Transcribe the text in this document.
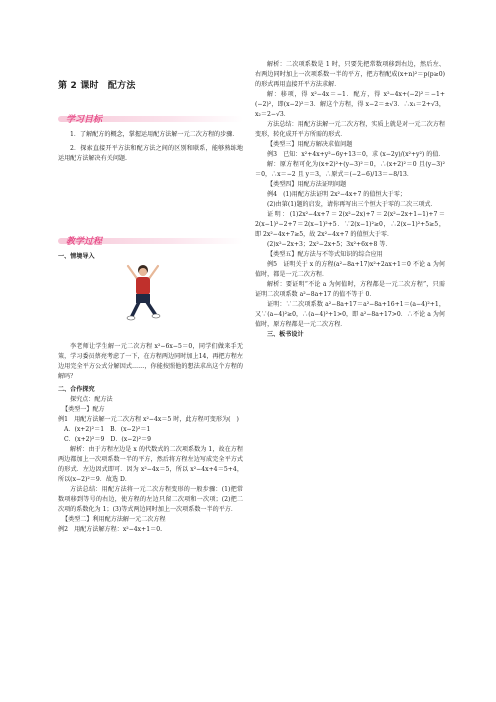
第 2 课时　配方法
学习目标

1．了解配方的概念，掌握运用配方法解一元二次方程的步骤．

2．探索直接开平方法和配方法之间的区别和联系，能够熟练地运用配方法解决有关问题.

教学过程
一、情境导入

李老师让学生解一元二次方程 x²−6x−5＝0，同学们做来手无策，学习委员蔡亮考虑了一下，在方程两边同时加上14，再把方程左边用完全平方公式分解因式……，你能按照他的想法求出这个方程的解吗？

二、合作探究
探究点：配方法
【类型一】配方

例1　用配方法解一元二次方程 x²−4x＝5 时，此方程可变形为(　)

A．(x+2)²＝1　B．(x−2)²＝1
C．(x+2)²＝9　D．(x−2)²＝9

解析：由于方程左边是 x 的代数式的二次项系数为 1，故在方程两边都加上一次项系数一半的平方，然后将方程左边写成完全平方式的形式．左边因式即可．因为 x²−4x＝5，所以 x²−4x+4＝5+4，所以(x−2)²＝9．故选 D．

方法总结：用配方法将一元二次方程变形的一般步骤：(1)把常数项移到等号的右边，使方程的左边只留二次项和一次项；(2)把二次项的系数化为 1；(3)等式两边同时加上一次项系数一半的平方．

【类型二】利用配方法解一元二次方程
例2　用配方法解方程：x²−4x+1＝0.

解析：二次项系数是 1 时，只要先把常数项移到右边，然后左、右两边同时加上一次项系数一半的平方，把方程配成(x+n)²＝p(p≥0)的形式再用直接开平方法求解．

解：移项，得 x²−4x＝−1．配方，得 x²−4x+(−2)²＝−1+(−2)²，即(x−2)²＝3．解这个方程，得 x−2＝±√3．∴x₁＝2+√3，x₂＝2−√3．

方法总结：用配方法解一元二次方程，实质上就是对一元二次方程变形，转化成开平方所需的形式．

【类型三】用配方解决求值问题

例3　已知：x²+4x+y²−6y+13＝0，求 (x−2y)/(x²+y²) 的值．

解：原方程可化为(x+2)²+(y−3)²＝0，∴(x+2)²＝0 且(y−3)²＝0，∴x＝−2 且 y＝3，∴原式＝(−2−6)/13＝−8/13．

【类型四】用配方法证明问题

例4　(1)用配方法证明 2x²−4x+7 的值恒大于零；

(2)由第(1)题的启发，请你再写出三个恒大于零的二次三项式．

证明：(1)2x²−4x+7＝2(x²−2x)+7＝2(x²−2x+1−1)+7＝2(x−1)²−2+7＝2(x−1)²+5．∵2(x−1)²≥0，∴2(x−1)²+5≥5，即 2x²−4x+7≥5，故 2x²−4x+7 的值恒大于零．

(2)x²−2x+3；2x²−2x+5；3x²+6x+8 等．

【类型五】配方法与不等式知识的综合应用

例5　证明关于 x 的方程(a²−8a+17)x²+2ax+1＝0 不论 a 为何值时，都是一元二次方程．

解析：要证明“不论 a 为何值时，方程都是一元二次方程”，只需证明二次项系数 a²−8a+17 的值不等于 0．

证明：∵二次项系数 a²−8a+17＝a²−8a+16+1＝(a−4)²+1，又∵(a−4)²≥0，∴(a−4)²+1>0，即 a²−8a+17>0．∴不论 a 为何值时，原方程都是一元二次方程．

三、板书设计
